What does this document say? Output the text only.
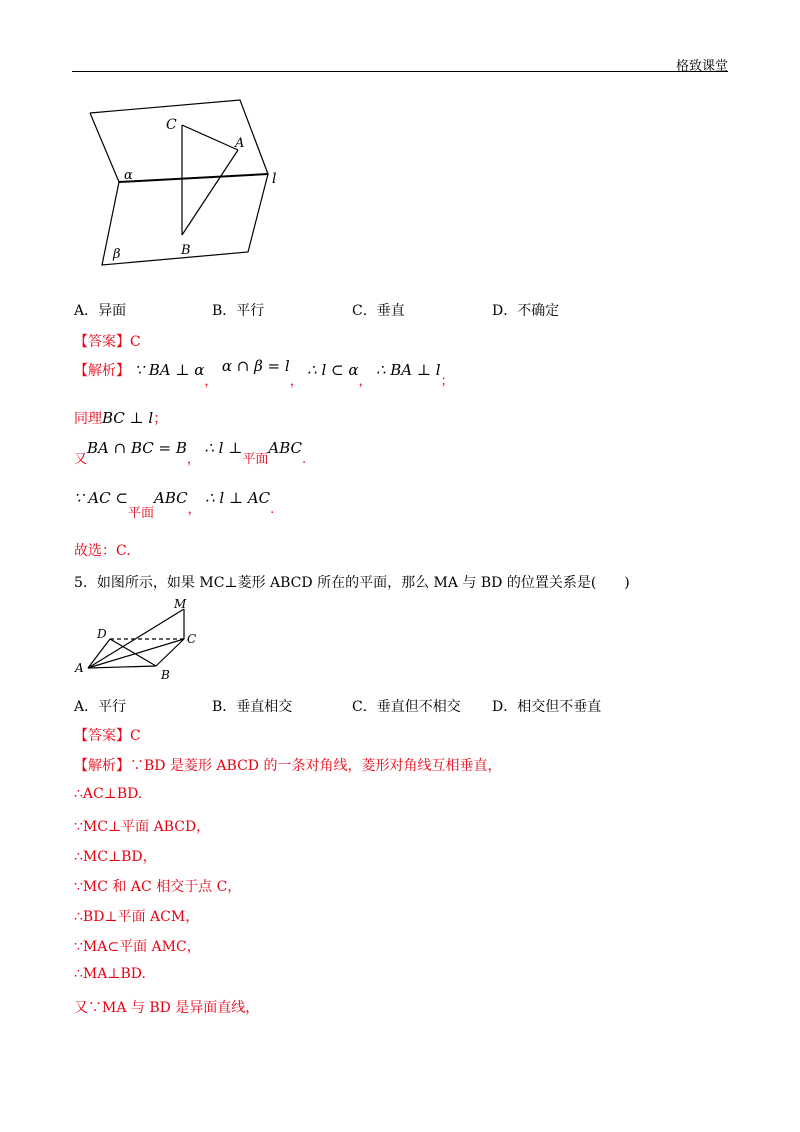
格致课堂
C
A
α	l
β	B
A．异面	B．平行	C．垂直	D．不确定
【答案】C
【解析】 ∵ BA ⊥ α， α ∩ β = l， ∴ l ⊂ α， ∴ BA ⊥ l；
同理BC ⊥ l；
又BA ∩ BC = B， ∴ l ⊥平面ABC.
∵ AC ⊂平面ABC， ∴ l ⊥ AC.
故选：C.
5．如图所示，如果 MC⊥菱形 ABCD 所在的平面，那么 MA 与 BD 的位置关系是(　　)
M
D	C
A	B
A．平行	B．垂直相交	C．垂直但不相交 D．相交但不垂直
【答案】C
【解析】∵BD 是菱形 ABCD 的一条对角线，菱形对角线互相垂直，
∴AC⊥BD.
∵MC⊥平面 ABCD，
∴MC⊥BD，
∵MC 和 AC 相交于点 C，
∴BD⊥平面 ACM，
∵MA⊂平面 AMC，
∴MA⊥BD.
又∵MA 与 BD 是异面直线，
